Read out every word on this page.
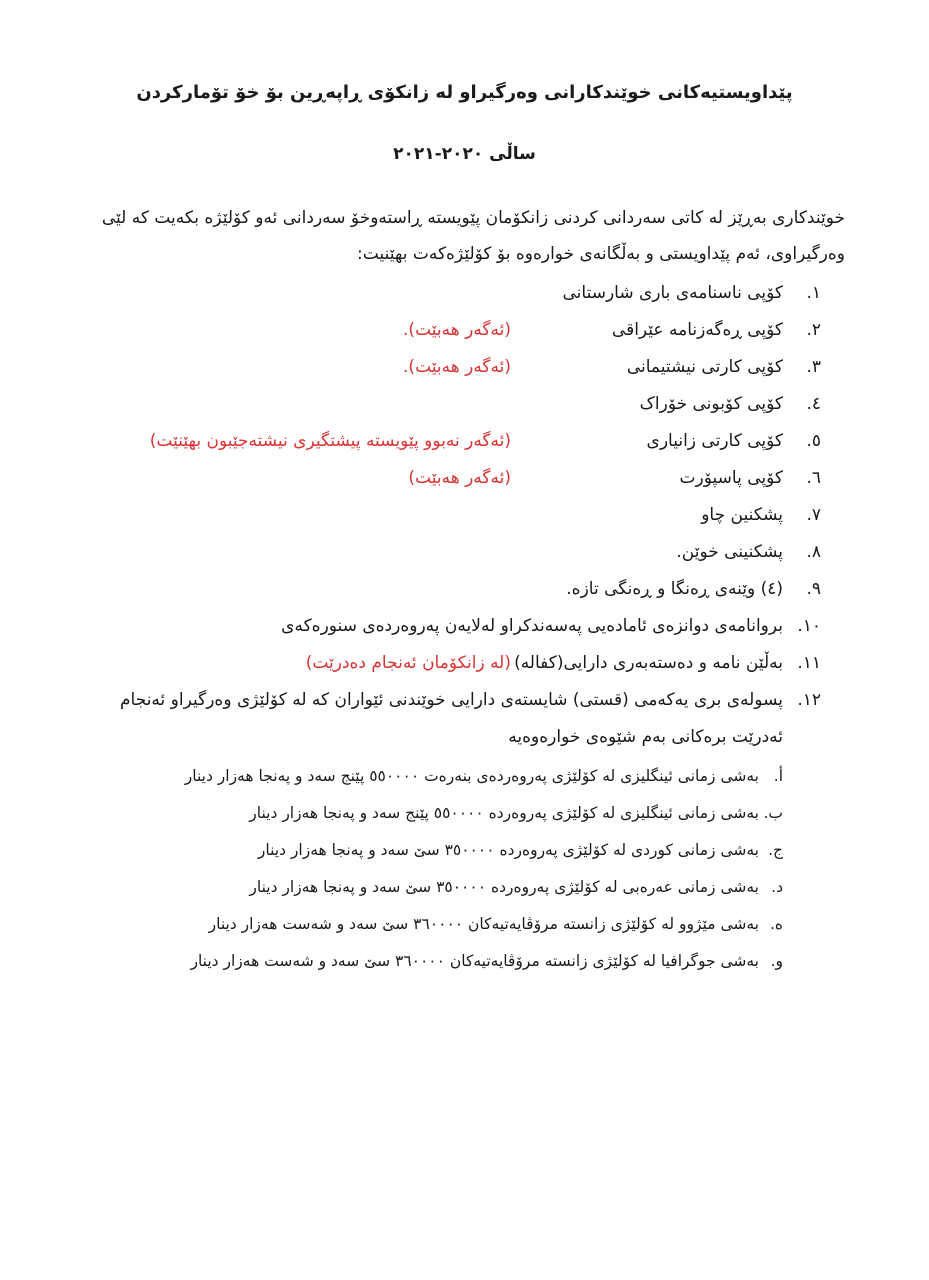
پێداویستیەکانی خوێندکارانی وەرگیراو لە زانکۆی ڕاپەڕین بۆ خۆ تۆمارکردن
ساڵی ٢٠٢٠-٢٠٢١
خوێندکاری بەڕێز لە کاتی سەردانی کردنی زانکۆمان پێویستە ڕاستەوخۆ سەردانی ئەو کۆلێژە بکەیت کە لێی وەرگیراوی، ئەم پێداویستی و بەڵگانەی خوارەوە بۆ کۆلێژەکەت بهێنیت:
١.
کۆپی ناسنامەی باری شارستانی
٢.
کۆپی ڕەگەزنامە عێراقی
(ئەگەر هەبێت).
٣.
کۆپی کارتی نیشتیمانی
(ئەگەر هەبێت).
٤.
کۆپی کۆبونی خۆراک
٥.
کۆپی کارتی زانیاری
(ئەگەر نەبوو پێویستە پیشتگیری نیشتەجێبون بهێنێت)
٦.
کۆپی پاسپۆرت
(ئەگەر هەبێت)
٧.
پشکنین چاو
٨.
پشکنینی خوێن.
٩.
(٤) وێنەی ڕەنگا و ڕەنگی تازە.
١٠.
بروانامەی دوانزەی ئامادەیی پەسەندکراو لەلایەن پەروەردەی سنورەکەی
١١.
بەڵێن نامە و دەستەبەری دارایی(کفالە)
(لە زانکۆمان ئەنجام دەدرێت)
١٢.
پسولەی بری یەکەمی (قستی) شایستەی دارایی خوێندنی ئێواران کە لە کۆلێژی وەرگیراو ئەنجام ئەدرێت برەکانی بەم شێوەی خوارەوەیە
أ.
بەشی زمانی ئینگلیزی لە کۆلێژی پەروەردەی بنەرەت ٥٥٠٠٠٠ پێنج سەد و پەنجا هەزار دینار
ب.
بەشی زمانی ئینگلیزی لە کۆلێژی پەروەردە ٥٥٠٠٠٠ پێنج سەد و پەنجا هەزار دینار
ج.
بەشی زمانی کوردی لە کۆلێژی پەروەردە ٣٥٠٠٠٠ سێ سەد و پەنجا هەزار دینار
د.
بەشی زمانی عەرەبی لە کۆلێژی پەروەردە ٣٥٠٠٠٠ سێ سەد و پەنجا هەزار دینار
ه.
بەشی مێژوو لە کۆلێژی زانستە مرۆڤایەتیەکان ٣٦٠٠٠٠ سێ سەد و شەست هەزار دینار
و.
بەشی جوگرافیا لە کۆلێژی زانستە مرۆڤایەتیەکان ٣٦٠٠٠٠ سێ سەد و شەست هەزار دینار
